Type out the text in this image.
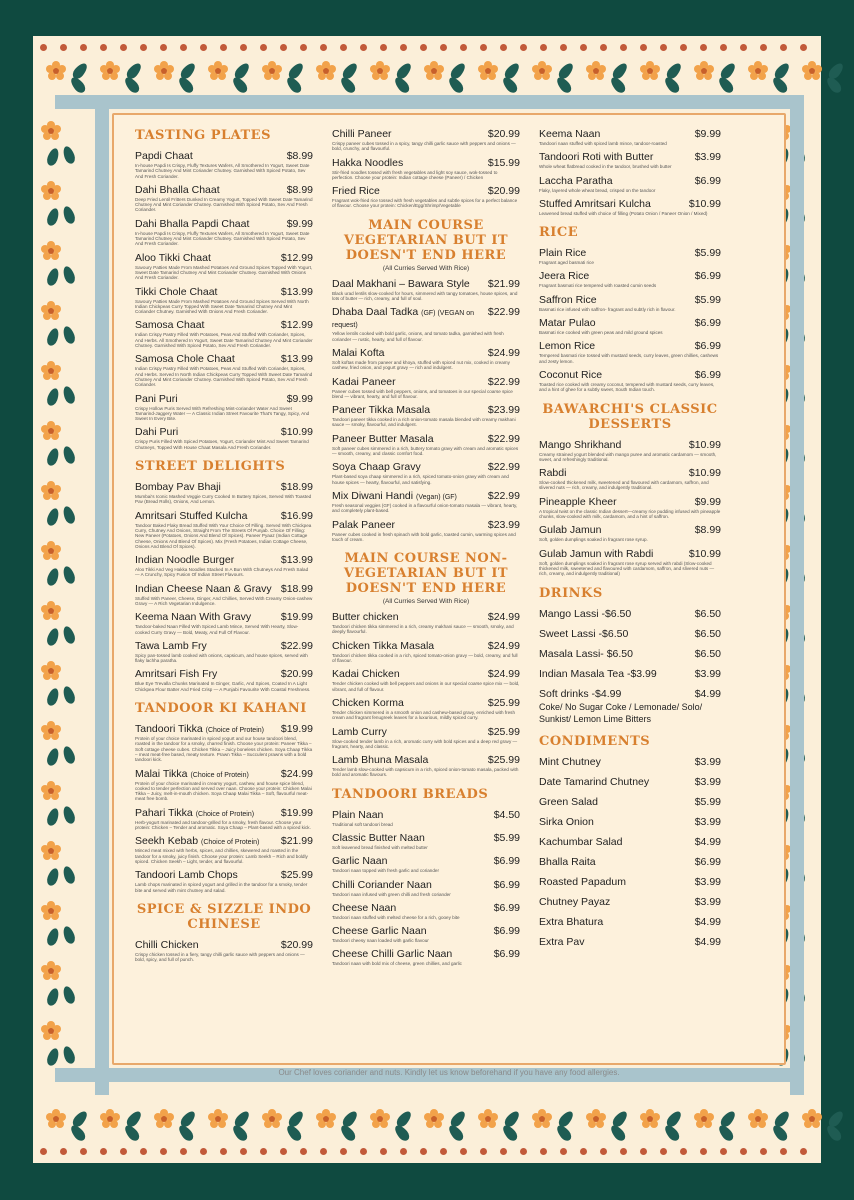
TASTING PLATES
Papdi Chaat	$8.99
In-house Papdi Is Crispy, Fluffy Textures Wafers, All Smothered In Yogurt, Sweet Date Tamarind Chutney And Mint Coriander Chutney. Garnished With Spiced Potato, Sev And Fresh Coriander.
Dahi Bhalla Chaat	$8.99
Deep Fried Lentil Fritters Dunked In Creamy Yogurt, Topped With Sweet Date Tamarind Chutney And Mint Coriander Chutney. Garnished With Spiced Potato, Sev And Fresh Coriander.
Dahi Bhalla Papdi Chaat	$9.99
In-house Papdi Is Crispy, Fluffy Textures Wafers, All Smothered In Yogurt, Sweet Date Tamarind Chutney And Mint Coriander Chutney. Garnished With Spiced Potato, Sev And Fresh Coriander.
Aloo Tikki Chaat	$12.99
Savoury Patties Made From Mashed Potatoes And Ground Spices Topped With Yogurt, Sweet Date Tamarind Chutney And Mint Coriander Chutney. Garnished With Onions And Fresh Coriander.
Tikki Chole Chaat	$13.99
Savoury Patties Made From Mashed Potatoes And Ground Spices Served With North Indian Chickpeas Curry Topped With Sweet Date Tamarind Chutney And Mint Coriander Chutney. Garnished With Onions And Fresh Coriander.
Samosa Chaat	$12.99
Indian Crispy Pastry Filled With Potatoes, Peas And Stuffed With Coriander, Spices, And Herbs. All Smothered In Yogurt, Sweet Date Tamarind Chutney And Mint Coriander Chutney. Garnished With Spiced Potato, Sev And Fresh Coriander.
Samosa Chole Chaat	$13.99
Indian Crispy Pastry Filled With Potatoes, Peas And Stuffed With Coriander, Spices, And Herbs. Served In North Indian Chickpeas Curry Topped With Sweet Date Tamarind Chutney And Mint Coriander Chutney. Garnished With Spiced Potato, Sev And Fresh Coriander.
Pani Puri	$9.99
Crispy Hollow Puris Served With Refreshing Mint-coriander Water And Sweet Tamarind-Jaggery Water — A Classic Indian Street Favourite That's Tangy, Spicy, And Sweet In Every Bite.
Dahi Puri	$10.99
Crispy Puris Filled With Spiced Potatoes, Yogurt, Coriander Mint And Sweet Tamarind Chutneys, Topped With House Chaat Masala And Fresh Coriander.
STREET DELIGHTS
Bombay Pav Bhaji	$18.99
Mumbai's Iconic Mashed Veggie Curry Cooked In Buttery Spices, Served With Toasted Pav (Bread Rolls), Onions, And Lemon.
Amritsari Stuffed Kulcha	$16.99
Tandoor Baked Flaky Bread Stuffed With Your Choice Of Filling. Served With Chickpea Curry, Chutney And Onions, Straight From The Streets Of Punjab. Choice Of Filling: New Paneer (Potatoes, Onions And Blend Of Spices). Paneer Pyaaz (Indian Cottage Cheese, Onions And Blend Of Spices). Mix (Fresh Potatoes, Indian Cottage Cheese, Onions And Blend Of Spices).
Indian Noodle Burger	$13.99
Aloo Tikki And Veg Hakka Noodles Stacked In A Bun With Chutneys And Fresh Salad — A Crunchy, Spicy Fusion Of Indian Street Flavours.
Indian Cheese Naan & Gravy $18.99
Stuffed With Paneer, Cheese, Ginger, And Chillies, Served With Creamy Onion-cashew Gravy — A Rich Vegetarian Indulgence.
Keema Naan With Gravy	$19.99
Tandoor-baked Naan Filled With Spiced Lamb Mince, Served With Hearty, Slow-cooked Curry Gravy — Bold, Meaty, And Full Of Flavour.
Tawa Lamb Fry	$22.99
Spicy pan-tossed lamb cooked with onions, capsicum, and house spices, served with flaky lachha paratha.
Amritsari Fish Fry	$20.99
Blue Eye Trevalla Chunks Marinated In Ginger, Garlic, And Spices, Coated In A Light Chickpea Flour Batter And Fried Crisp — A Punjabi Favourite With Coastal Freshness.
TANDOOR KI KAHANI
Tandoori Tikka (Choice of Protein) $19.99
Protein of your choice marinated in spiced yogurt and our house tandoori blend, roasted in the tandoor for a smoky, charred finish. Choose your protein: Paneer Tikka – Soft cottage cheese cubes. Chicken Tikka – Juicy boneless chicken. Soya Chaap Tikka – meat meat-free based, meaty texture. Prawn Tikka – Succulent prawns with a bold tandoori kick.
Malai Tikka (Choice of Protein)	$24.99
Protein of your choice marinated in creamy yogurt, cashew, and house spice blend, cooked to tender perfection and served over naan. Choose your protein: Chicken Malai Tikka – Juicy, melt-in-mouth chicken. Soya Chaap Malai Tikka – Soft, flavourful meat-meat free bomb.
Pahari Tikka (Choice of Protein)	$19.99
Herb-yogurt marinated and tandoor-grilled for a smoky, fresh flavour. Choose your protein: Chicken – Tender and aromatic. Soya Chaap – Plant-based with a spiced kick.
Seekh Kebab (Choice of Protein) $21.99
Minced meat mixed with herbs, spices, and chillies, skewered and roasted in the tandoor for a smoky, juicy finish. Choose your protein: Lamb Seekh – Rich and boldly spiced. Chicken Seekh – Light, tender, and flavourful.
Tandoori Lamb Chops	$25.99
Lamb chops marinated in spiced yogurt and grilled in the tandoor for a smoky, tender bite and served with mint chutney and salad.
SPICE & SIZZLE INDO CHINESE
Chilli Chicken	$20.99
Crispy chicken tossed in a fiery, tangy chilli garlic sauce with peppers and onions — bold, spicy, and full of punch.
Chilli Paneer	$20.99
Crispy paneer cubes tossed in a spicy, tangy chilli garlic sauce with peppers and onions — bold, crunchy, and flavourful.
Hakka Noodles	$15.99
Stir-fried noodles tossed with fresh vegetables and light soy sauce, wok-tossed to perfection. Choose your protein: Indian cottage cheese (Paneer) / Chicken
Fried Rice	$20.99
Fragrant wok-fried rice tossed with fresh vegetables and subtle spices for a perfect balance of flavour. Choose your protein: Chicken/Egg/Shrimp/Vegetable
MAIN COURSE VEGETARIAN BUT IT DOESN'T END HERE
(All Curries Served With Rice)
Daal Makhani – Bawara Style $21.99
Black urad lentils slow-cooked for hours, simmered with tangy tomatoes, house spices, and lots of butter — rich, creamy, and full of soul.
Dhaba Daal Tadka (GF) (VEGAN on request)
$22.99
Yellow lentils cooked with bold garlic, onions, and tomato tadka, garnished with fresh coriander — rustic, hearty, and full of flavour.
Malai Kofta	$24.99
Soft koftas made from paneer and khoya, stuffed with spiced nut mix, cooked in creamy cashew, fried onion, and yogurt gravy — rich and indulgent.
Kadai Paneer	$22.99
Paneer cubes tossed with bell peppers, onions, and tomatoes in our special coarse spice blend — vibrant, hearty, and full of flavour.
Paneer Tikka Masala	$23.99
Tandoori paneer tikka cooked in a rich onion-tomato masala blended with creamy makhani sauce — smoky, flavourful, and indulgent.
Paneer Butter Masala	$22.99
Soft paneer cubes simmered in a rich, buttery tomato gravy with cream and aromatic spices — smooth, creamy, and classic comfort food.
Soya Chaap Gravy	$22.99
Plant-based soya chaap simmered in a rich, spiced tomato-onion gravy with cream and house spices — hearty, flavourful, and satisfying.
Mix Diwani Handi (Vegan) (GF)	$22.99
Fresh seasonal veggies (GF) cooked in a flavourful onion-tomato masala — vibrant, hearty, and completely plant-based.
Palak Paneer	$23.99
Paneer cubes cooked in fresh spinach with bold garlic, toasted cumin, warming spices and touch of cream.
MAIN COURSE NON-VEGETARIAN BUT IT DOESN'T END HERE
(All Curries Served With Rice)
Butter chicken	$24.99
Tandoori chicken tikka simmered in a rich, creamy makhani sauce — smooth, smoky, and deeply flavourful.
Chicken Tikka Masala	$24.99
Tandoori chicken tikka cooked in a rich, spiced tomato-onion gravy — bold, creamy, and full of flavour.
Kadai Chicken	$24.99
Tender chicken cooked with bell peppers and onions in our special coarse spice mix — bold, vibrant, and full of flavour.
Chicken Korma	$25.99
Tender chicken simmered in a smooth onion and cashew-based gravy, enriched with fresh cream and fragrant fenugreek leaves for a luxurious, mildly spiced curry.
Lamb Curry	$25.99
Slow-cooked tender lamb in a rich, aromatic curry with bold spices and a deep red gravy — fragrant, hearty, and classic.
Lamb Bhuna Masala	$25.99
Tender lamb slow-cooked with capsicum in a rich, spiced onion-tomato masala, packed with bold and aromatic flavours.
TANDOORI BREADS
Plain Naan	$4.50
Traditional soft tandoori bread
Classic Butter Naan	$5.99
Soft leavened bread finished with melted butter
Garlic Naan	$6.99
Tandoori naan topped with fresh garlic and coriander
Chilli Coriander Naan	$6.99
Tandoori naan infused with green chilli and fresh coriander
Cheese Naan	$6.99
Tandoori naan stuffed with melted cheese for a rich, gooey bite
Cheese Garlic Naan	$6.99
Tandoori cheesy naan loaded with garlic flavour
Cheese Chilli Garlic Naan	$6.99
Tandoori naan with bold mix of cheese, green chillies, and garlic
Keema Naan	$9.99
Tandoori naan stuffed with spiced lamb mince, tandoor-roasted
Tandoori Roti with Butter	$3.99
Whole wheat flatbread cooked in the tandoor, brushed with butter
Laccha Paratha	$6.99
Flaky, layered whole wheat bread, crisped on the tandoor
Stuffed Amritsari Kulcha	$10.99
Leavened bread stuffed with choice of filling (Potato Onion / Paneer Onion / Mixed)
RICE
Plain Rice	$5.99
Fragrant aged basmati rice
Jeera Rice	$6.99
Fragrant basmati rice tempered with roasted cumin seeds
Saffron Rice	$5.99
Basmati rice infused with saffron- fragrant and subtly rich in flavour.
Matar Pulao	$6.99
Basmati rice cooked with green peas and mild ground spices
Lemon Rice	$6.99
Tempered basmati rice tossed with mustard seeds, curry leaves, green chillies, cashews and zesty lemon.
Coconut Rice	$6.99
Toasted rice cooked with creamy coconut, tempered with mustard seeds, curry leaves, and a hint of ghee for a subtly sweet, South Indian touch.
BAWARCHI'S CLASSIC DESSERTS
Mango Shrikhand	$10.99
Creamy strained yogurt blended with mango puree and aromatic cardamom — smooth, sweet, and refreshingly traditional.
Rabdi	$10.99
Slow-cooked thickened milk, sweetened and flavoured with cardamom, saffron, and slivered nuts — rich, creamy, and indulgently traditional.
Pineapple Kheer	$9.99
A tropical twist on the classic Indian dessert—creamy rice pudding infused with pineapple chunks, slow-cooked with milk, cardamom, and a hint of saffron.
Gulab Jamun	$8.99
Soft, golden dumplings soaked in fragrant rose syrup.
Gulab Jamun with Rabdi	$10.99
Soft, golden dumplings soaked in fragrant rose syrup served with rabdi (Slow-cooked thickened milk, sweetened and flavoured with cardamom, saffron, and slivered nuts — rich, creamy, and indulgently traditional)
DRINKS
Mango Lassi -$6.50	$6.50
Sweet Lassi -$6.50	$6.50
Masala Lassi- $6.50	$6.50
Indian Masala Tea -$3.99	$3.99
Soft drinks -$4.99	$4.99
Coke/ No Sugar Coke / Lemonade/ Solo/ Sunkist/ Lemon Lime Bitters
CONDIMENTS
Mint Chutney	$3.99
Date Tamarind Chutney	$3.99
Green Salad	$5.99
Sirka Onion	$3.99
Kachumbar Salad	$4.99
Bhalla Raita	$6.99
Roasted Papadum	$3.99
Chutney Payaz	$3.99
Extra Bhatura	$4.99
Extra Pav	$4.99
Our Chef loves coriander and nuts. Kindly let us know beforehand if you have any food allergies.
